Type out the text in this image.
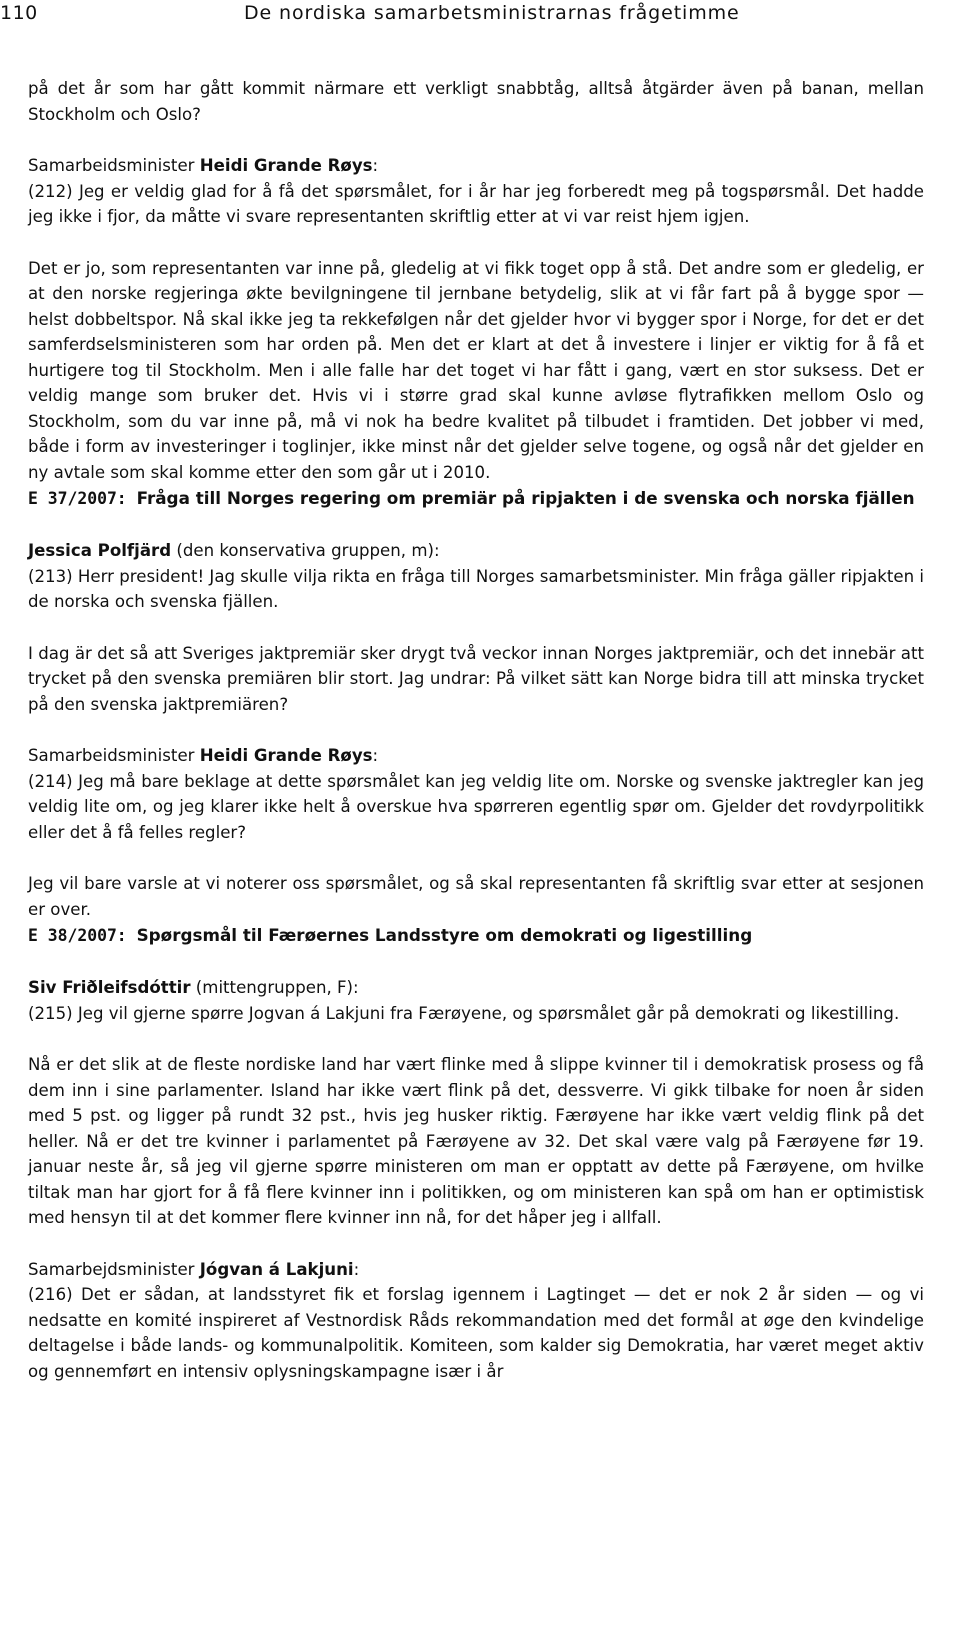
110	De nordiska samarbetsministrarnas frågetimme

på det år som har gått kommit närmare ett verkligt snabbtåg, alltså åtgärder även på banan, mellan Stockholm och Oslo?

Samarbeidsminister Heidi Grande Røys:

(212) Jeg er veldig glad for å få det spørsmålet, for i år har jeg forberedt meg på togspørsmål. Det hadde jeg ikke i fjor, da måtte vi svare representanten skriftlig etter at vi var reist hjem igjen.

Det er jo, som representanten var inne på, gledelig at vi fikk toget opp å stå. Det andre som er gledelig, er at den norske regjeringa økte bevilgningene til jernbane betydelig, slik at vi får fart på å bygge spor — helst dobbeltspor. Nå skal ikke jeg ta rekkefølgen når det gjelder hvor vi bygger spor i Norge, for det er det samferdselsministeren som har orden på. Men det er klart at det å investere i linjer er viktig for å få et hurtigere tog til Stockholm. Men i alle falle har det toget vi har fått i gang, vært en stor suksess. Det er veldig mange som bruker det. Hvis vi i større grad skal kunne avløse flytrafikken mellom Oslo og Stockholm, som du var inne på, må vi nok ha bedre kvalitet på tilbudet i framtiden. Det jobber vi med, både i form av investeringer i toglinjer, ikke minst når det gjelder selve togene, og også når det gjelder en ny avtale som skal komme etter den som går ut i 2010.

E 37/2007: Fråga till Norges regering om premiär på ripjakten i de svenska och norska fjällen

Jessica Polfjärd (den konservativa gruppen, m):

(213) Herr president! Jag skulle vilja rikta en fråga till Norges samarbetsminister. Min fråga gäller ripjakten i de norska och svenska fjällen.

I dag är det så att Sveriges jaktpremiär sker drygt två veckor innan Norges jaktpremiär, och det innebär att trycket på den svenska premiären blir stort. Jag undrar: På vilket sätt kan Norge bidra till att minska trycket på den svenska jaktpremiären?

Samarbeidsminister Heidi Grande Røys:

(214) Jeg må bare beklage at dette spørsmålet kan jeg veldig lite om. Norske og svenske jaktregler kan jeg veldig lite om, og jeg klarer ikke helt å overskue hva spørreren egentlig spør om. Gjelder det rovdyrpolitikk eller det å få felles regler?

Jeg vil bare varsle at vi noterer oss spørsmålet, og så skal representanten få skriftlig svar etter at sesjonen er over.

E 38/2007: Spørgsmål til Færøernes Landsstyre om demokrati og ligestilling

Siv Friðleifsdóttir (mittengruppen, F):

(215) Jeg vil gjerne spørre Jogvan á Lakjuni fra Færøyene, og spørsmålet går på demokrati og likestilling.

Nå er det slik at de fleste nordiske land har vært flinke med å slippe kvinner til i demokratisk prosess og få dem inn i sine parlamenter. Island har ikke vært flink på det, dessverre. Vi gikk tilbake for noen år siden med 5 pst. og ligger på rundt 32 pst., hvis jeg husker riktig. Færøyene har ikke vært veldig flink på det heller. Nå er det tre kvinner i parlamentet på Færøyene av 32. Det skal være valg på Færøyene før 19. januar neste år, så jeg vil gjerne spørre ministeren om man er opptatt av dette på Færøyene, om hvilke tiltak man har gjort for å få flere kvinner inn i politikken, og om ministeren kan spå om han er optimistisk med hensyn til at det kommer flere kvinner inn nå, for det håper jeg i allfall.

Samarbejdsminister Jógvan á Lakjuni:

(216) Det er sådan, at landsstyret fik et forslag igennem i Lagtinget — det er nok 2 år siden — og vi nedsatte en komité inspireret af Vestnordisk Råds rekommandation med det formål at øge den kvindelige deltagelse i både lands- og kommunalpolitik. Komiteen, som kalder sig Demokratia, har været meget aktiv og gennemført en intensiv oplysningskampagne især i år
